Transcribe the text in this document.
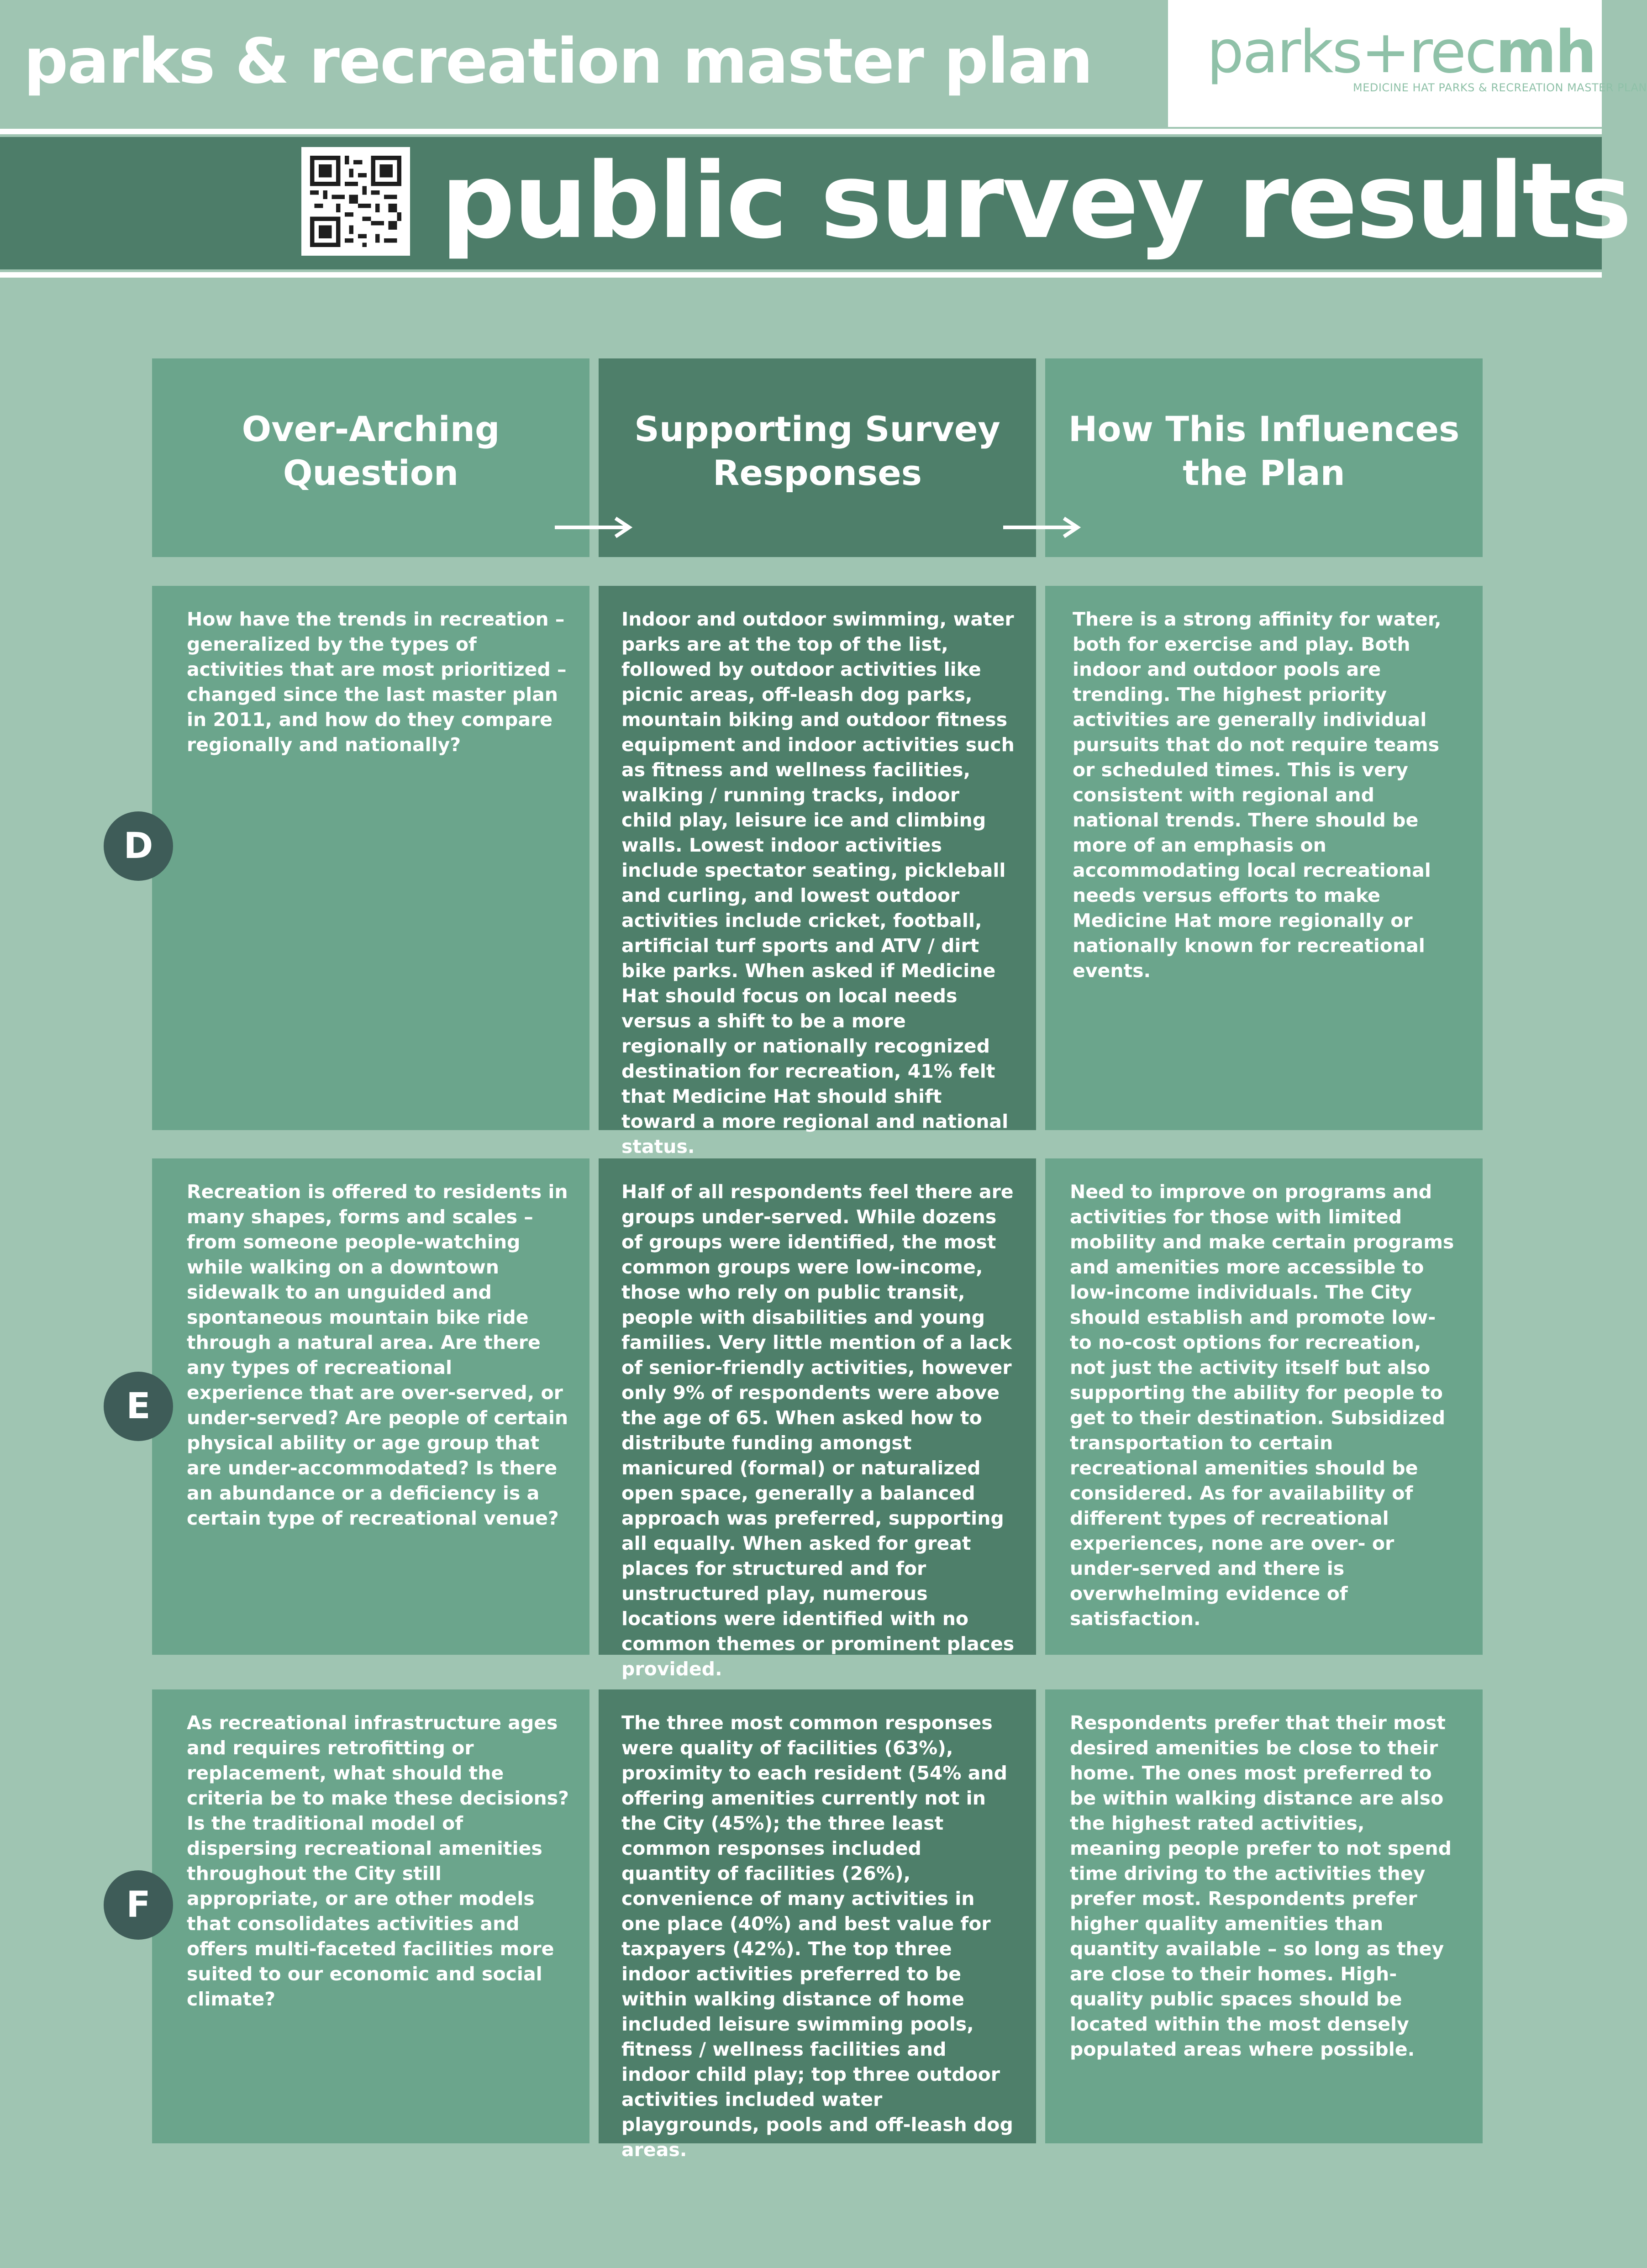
parks & recreation master plan parks+recmh
MEDICINE HAT PARKS & RECREATION MASTER PLAN
public survey results
Over-Arching Question
Supporting Survey Responses
How This Influences the Plan
How have the trends in recreation – generalized by the types of activities that are most prioritized – changed since the last master plan in 2011, and how do they compare regionally and nationally?
Indoor and outdoor swimming, water parks are at the top of the list, followed by outdoor activities like picnic areas, off-leash dog parks, mountain biking and outdoor fitness equipment and indoor activities such as fitness and wellness facilities, walking / running tracks, indoor child play, leisure ice and climbing walls. Lowest indoor activities include spectator seating, pickleball and curling, and lowest outdoor activities include cricket, football, artificial turf sports and ATV / dirt bike parks. When asked if Medicine Hat should focus on local needs versus a shift to be a more regionally or nationally recognized destination for recreation, 41% felt that Medicine Hat should shift toward a more regional and national status.
There is a strong affinity for water, both for exercise and play. Both indoor and outdoor pools are trending. The highest priority activities are generally individual pursuits that do not require teams or scheduled times. This is very consistent with regional and national trends. There should be more of an emphasis on accommodating local recreational needs versus efforts to make Medicine Hat more regionally or nationally known for recreational events.
D
Recreation is offered to residents in many shapes, forms and scales – from someone people-watching while walking on a downtown sidewalk to an unguided and spontaneous mountain bike ride through a natural area. Are there any types of recreational experience that are over-served, or under-served? Are people of certain physical ability or age group that are under-accommodated? Is there an abundance or a deficiency is a certain type of recreational venue?
Half of all respondents feel there are groups under-served. While dozens of groups were identified, the most common groups were low-income, those who rely on public transit, people with disabilities and young families. Very little mention of a lack of senior-friendly activities, however only 9% of respondents were above the age of 65. When asked how to distribute funding amongst manicured (formal) or naturalized open space, generally a balanced approach was preferred, supporting all equally. When asked for great places for structured and for unstructured play, numerous locations were identified with no common themes or prominent places provided.
Need to improve on programs and activities for those with limited mobility and make certain programs and amenities more accessible to low-income individuals. The City should establish and promote low- to no-cost options for recreation, not just the activity itself but also supporting the ability for people to get to their destination. Subsidized transportation to certain recreational amenities should be considered. As for availability of different types of recreational experiences, none are over- or under-served and there is overwhelming evidence of satisfaction.
E
As recreational infrastructure ages and requires retrofitting or replacement, what should the criteria be to make these decisions? Is the traditional model of dispersing recreational amenities throughout the City still appropriate, or are other models that consolidates activities and offers multi-faceted facilities more suited to our economic and social climate?
The three most common responses were quality of facilities (63%), proximity to each resident (54% and offering amenities currently not in the City (45%); the three least common responses included quantity of facilities (26%), convenience of many activities in one place (40%) and best value for taxpayers (42%). The top three indoor activities preferred to be within walking distance of home included leisure swimming pools, fitness / wellness facilities and indoor child play; top three outdoor activities included water playgrounds, pools and off-leash dog areas.
Respondents prefer that their most desired amenities be close to their home. The ones most preferred to be within walking distance are also the highest rated activities, meaning people prefer to not spend time driving to the activities they prefer most. Respondents prefer higher quality amenities than quantity available – so long as they are close to their homes. High-quality public spaces should be located within the most densely populated areas where possible.
F
